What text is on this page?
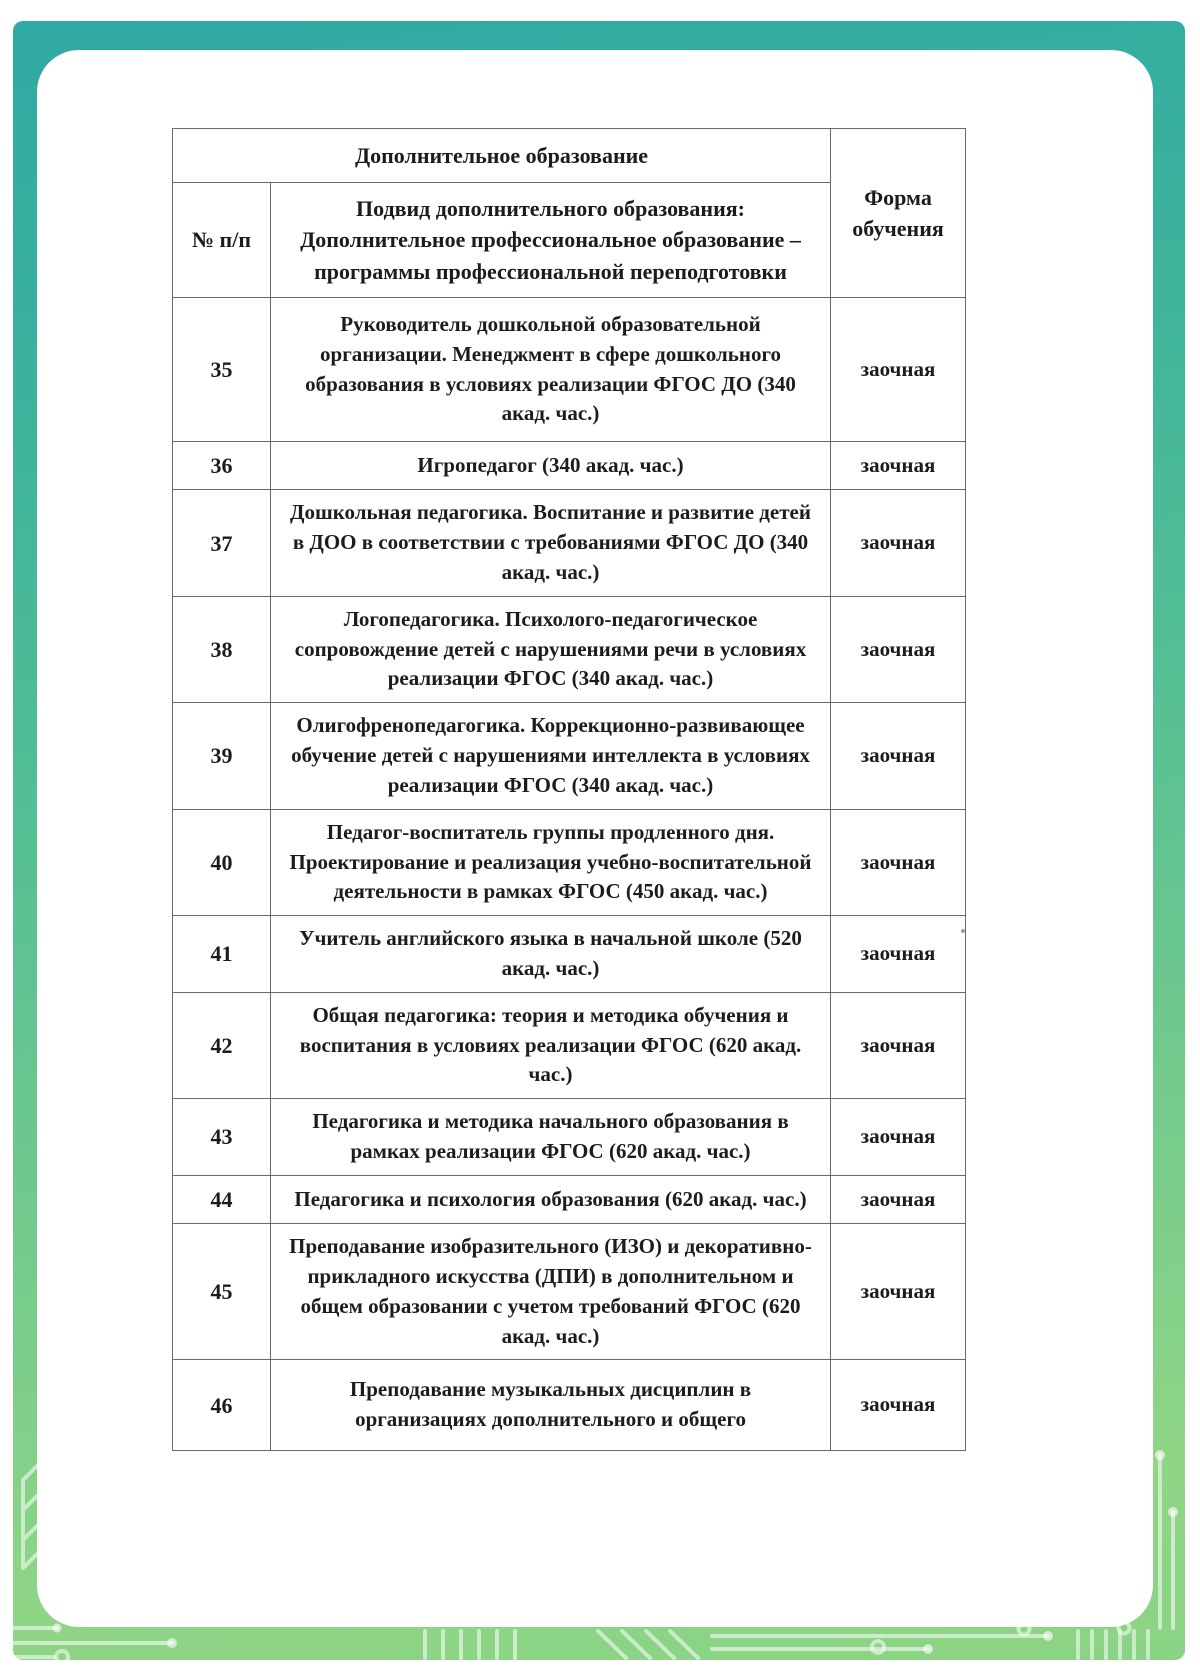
Дополнительное образование		Форма обучения
№ п/п	Подвид дополнительного образования: Дополнительное профессиональное образование – программы профессиональной переподготовки	
35	Руководитель дошкольной образовательной организации. Менеджмент в сфере дошкольного образования в условиях реализации ФГОС ДО (340 акад. час.)	заочная
36	Игропедагог (340 акад. час.)	заочная
37	Дошкольная педагогика. Воспитание и развитие детей в ДОО в соответствии с требованиями ФГОС ДО (340 акад. час.)	заочная
38	Логопедагогика. Психолого-педагогическое сопровождение детей с нарушениями речи в условиях реализации ФГОС (340 акад. час.)	заочная
39	Олигофренопедагогика. Коррекционно-развивающее обучение детей с нарушениями интеллекта в условиях реализации ФГОС (340 акад. час.)	заочная
40	Педагог-воспитатель группы продленного дня. Проектирование и реализация учебно-воспитательной деятельности в рамках ФГОС (450 акад. час.)	заочная
41	Учитель английского языка в начальной школе (520 акад. час.)	заочная
42	Общая педагогика: теория и методика обучения и воспитания в условиях реализации ФГОС (620 акад. час.)	заочная
43	Педагогика и методика начального образования в рамках реализации ФГОС (620 акад. час.)	заочная
44	Педагогика и психология образования (620 акад. час.)	заочная
45	Преподавание изобразительного (ИЗО) и декоративно-прикладного искусства (ДПИ) в дополнительном и общем образовании с учетом требований ФГОС (620 акад. час.)	заочная
46	Преподавание музыкальных дисциплин в организациях дополнительного и общего	заочная
